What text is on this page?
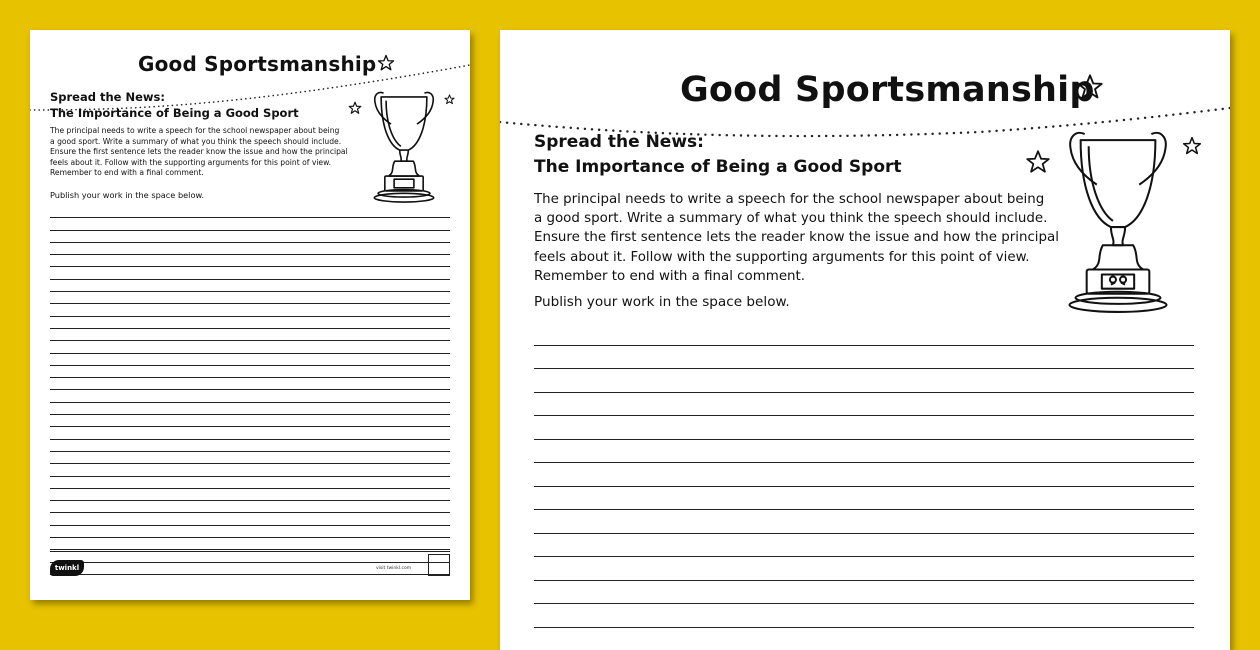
Good Sportsmanship
Spread the News:
The Importance of Being a Good Sport

The principal needs to write a speech for the school newspaper about being
a good sport. Write a summary of what you think the speech should include.
Ensure the first sentence lets the reader know the issue and how the principal
feels about it. Follow with the supporting arguments for this point of view.
Remember to end with a final comment.

Publish your work in the space below.
twinkl	visit twinkl.com
Good Sportsmanship
Spread the News:
The Importance of Being a Good Sport

The principal needs to write a speech for the school newspaper about being
a good sport. Write a summary of what you think the speech should include.
Ensure the first sentence lets the reader know the issue and how the principal
feels about it. Follow with the supporting arguments for this point of view.
Remember to end with a final comment.

Publish your work in the space below.
